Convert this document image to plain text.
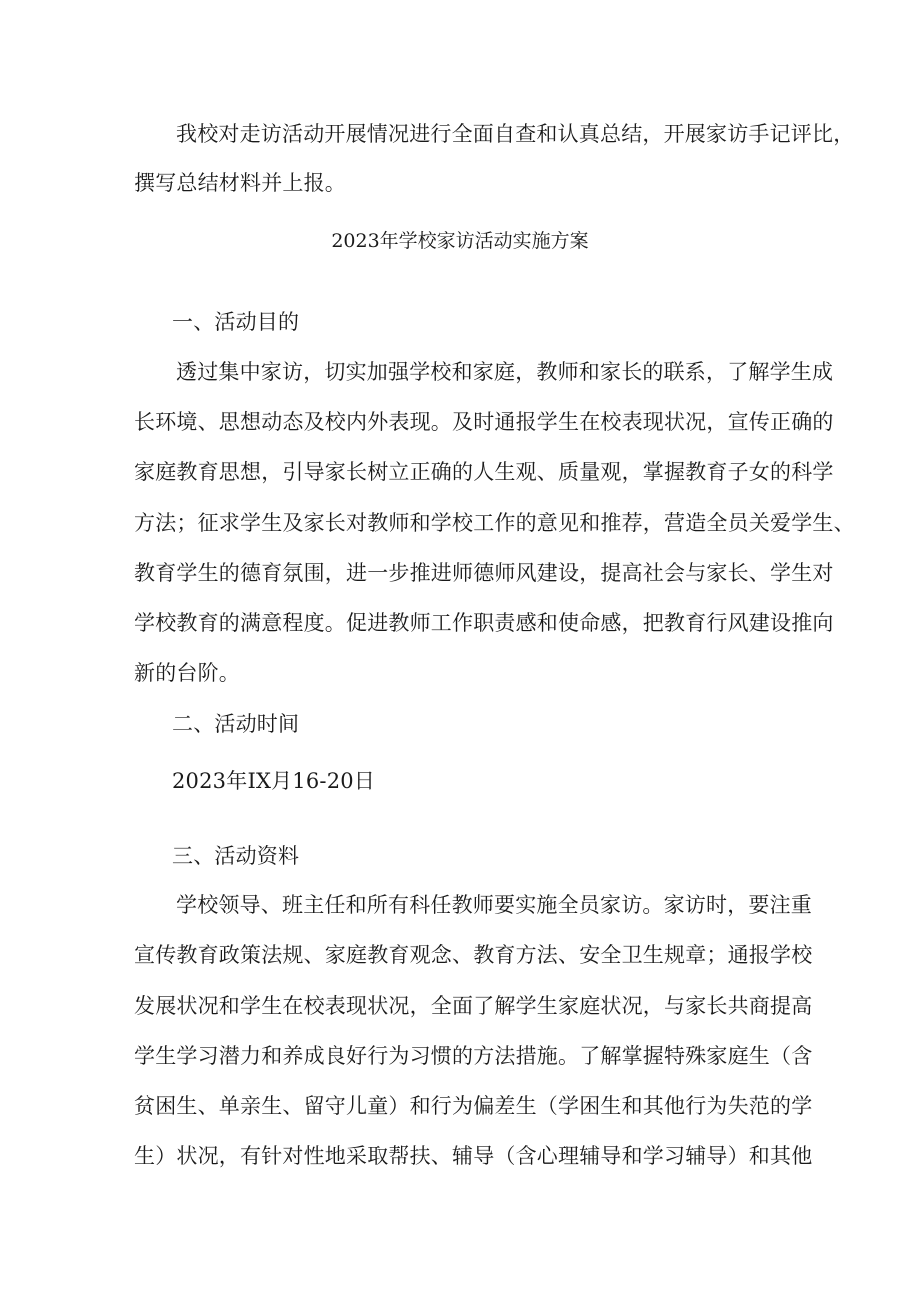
我校对走访活动开展情况进行全面自查和认真总结，开展家访手记评比，
撰写总结材料并上报。
2023年学校家访活动实施方案
一、活动目的
透过集中家访，切实加强学校和家庭，教师和家长的联系，了解学生成
长环境、思想动态及校内外表现。及时通报学生在校表现状况，宣传正确的
家庭教育思想，引导家长树立正确的人生观、质量观，掌握教育子女的科学
方法；征求学生及家长对教师和学校工作的意见和推荐，营造全员关爱学生、
教育学生的德育氛围，进一步推进师德师风建设，提高社会与家长、学生对
学校教育的满意程度。促进教师工作职责感和使命感，把教育行风建设推向
新的台阶。
二、活动时间
2023年IX月16-20日
三、活动资料
学校领导、班主任和所有科任教师要实施全员家访。家访时，要注重
宣传教育政策法规、家庭教育观念、教育方法、安全卫生规章；通报学校
发展状况和学生在校表现状况，全面了解学生家庭状况，与家长共商提高
学生学习潜力和养成良好行为习惯的方法措施。了解掌握特殊家庭生（含
贫困生、单亲生、留守儿童）和行为偏差生（学困生和其他行为失范的学
生）状况，有针对性地采取帮扶、辅导（含心理辅导和学习辅导）和其他
